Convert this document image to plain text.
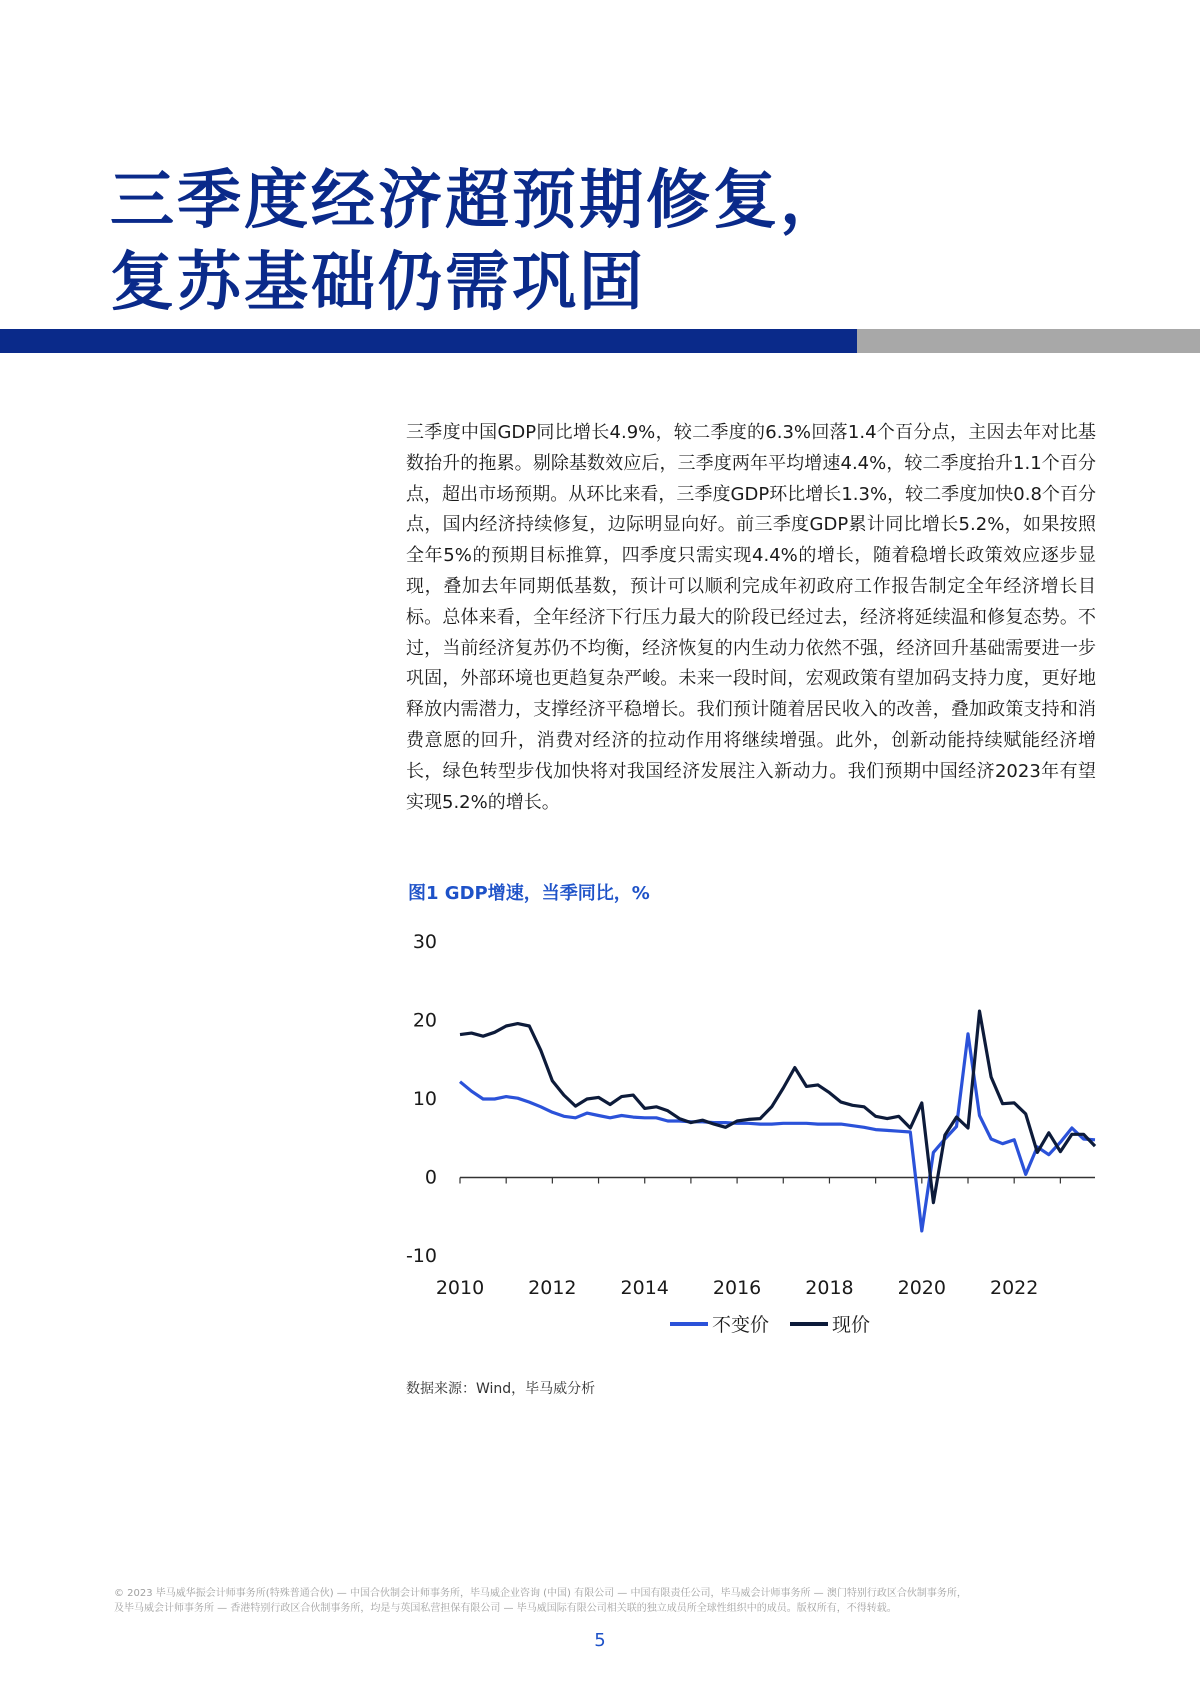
三季度经济超预期修复，
复苏基础仍需巩固

三季度中国GDP同比增长4.9%，较二季度的6.3%回落1.4个百分点，主因去年对比基数抬升的拖累。剔除基数效应后，三季度两年平均增速4.4%，较二季度抬升1.1个百分点，超出市场预期。从环比来看，三季度GDP环比增长1.3%，较二季度加快0.8个百分点，国内经济持续修复，边际明显向好。前三季度GDP累计同比增长5.2%，如果按照全年5%的预期目标推算，四季度只需实现4.4%的增长，随着稳增长政策效应逐步显现，叠加去年同期低基数，预计可以顺利完成年初政府工作报告制定全年经济增长目标。总体来看，全年经济下行压力最大的阶段已经过去，经济将延续温和修复态势。不过，当前经济复苏仍不均衡，经济恢复的内生动力依然不强，经济回升基础需要进一步巩固，外部环境也更趋复杂严峻。未来一段时间，宏观政策有望加码支持力度，更好地释放内需潜力，支撑经济平稳增长。我们预计随着居民收入的改善，叠加政策支持和消费意愿的回升，消费对经济的拉动作用将继续增强。此外，创新动能持续赋能经济增长，绿色转型步伐加快将对我国经济发展注入新动力。我们预期中国经济2023年有望实现5.2%的增长。

图1 GDP增速，当季同比，%
-10
0
10
20
30
2010 2012 2014 2016 2018 2020 2022
不变价	现价
数据来源：Wind，毕马威分析
© 2023 毕马威华振会计师事务所(特殊普通合伙) — 中国合伙制会计师事务所，毕马威企业咨询 (中国) 有限公司 — 中国有限责任公司，毕马威会计师事务所 — 澳门特别行政区合伙制事务所，
及毕马威会计师事务所 — 香港特别行政区合伙制事务所，均是与英国私营担保有限公司 — 毕马威国际有限公司相关联的独立成员所全球性组织中的成员。版权所有，不得转载。
5
